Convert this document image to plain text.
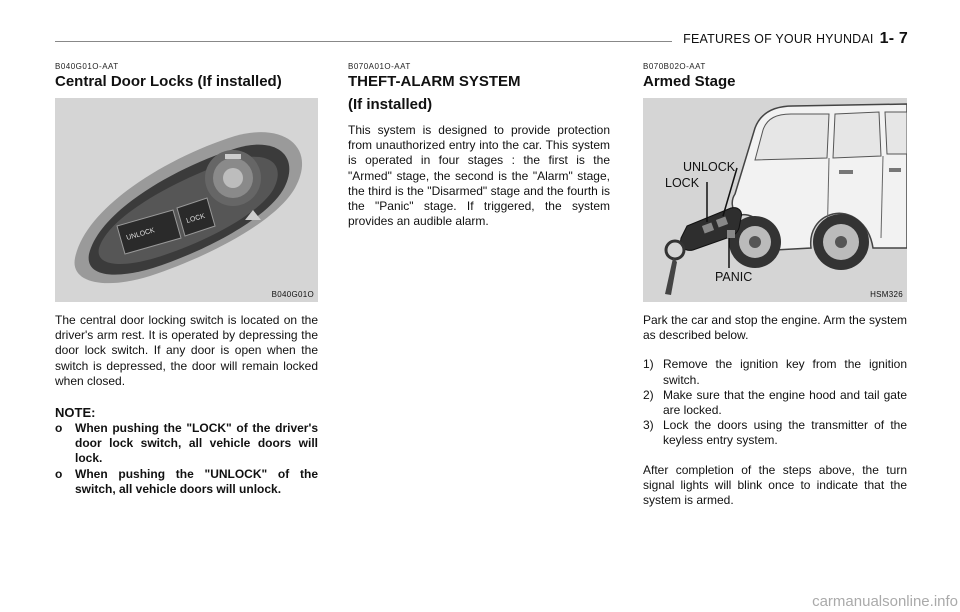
FEATURES OF YOUR HYUNDAI 1- 7
B040G01O-AAT
Central Door Locks (If installed)
UNLOCK
LOCK
B040G01O

The central door locking switch is located on the driver's arm rest. It is operated by depressing the door lock switch. If any door is open when the switch is depressed, the door will remain locked when closed.

NOTE:
o When pushing the "LOCK" of the driver's door lock switch, all vehicle doors will lock.
o When pushing the "UNLOCK" of the switch, all vehicle doors will unlock.
B070A01O-AAT
THEFT-ALARM SYSTEM
(If installed)

This system is designed to provide protection from unauthorized entry into the car. This system is operated in four stages : the first is the "Armed" stage, the second is the "Alarm" stage, the third is the "Disarmed" stage and the fourth is the "Panic" stage. If triggered, the system provides an audible alarm.

B070B02O-AAT
Armed Stage
UNLOCK
LOCK
PANIC
HSM326

Park the car and stop the engine. Arm the system as described below.

1) Remove the ignition key from the ignition switch.
2) Make sure that the engine hood and tail gate are locked.
3) Lock the doors using the transmitter of the keyless entry system.

After completion of the steps above, the turn signal lights will blink once to indicate that the system is armed.

carmanualsonline.info
